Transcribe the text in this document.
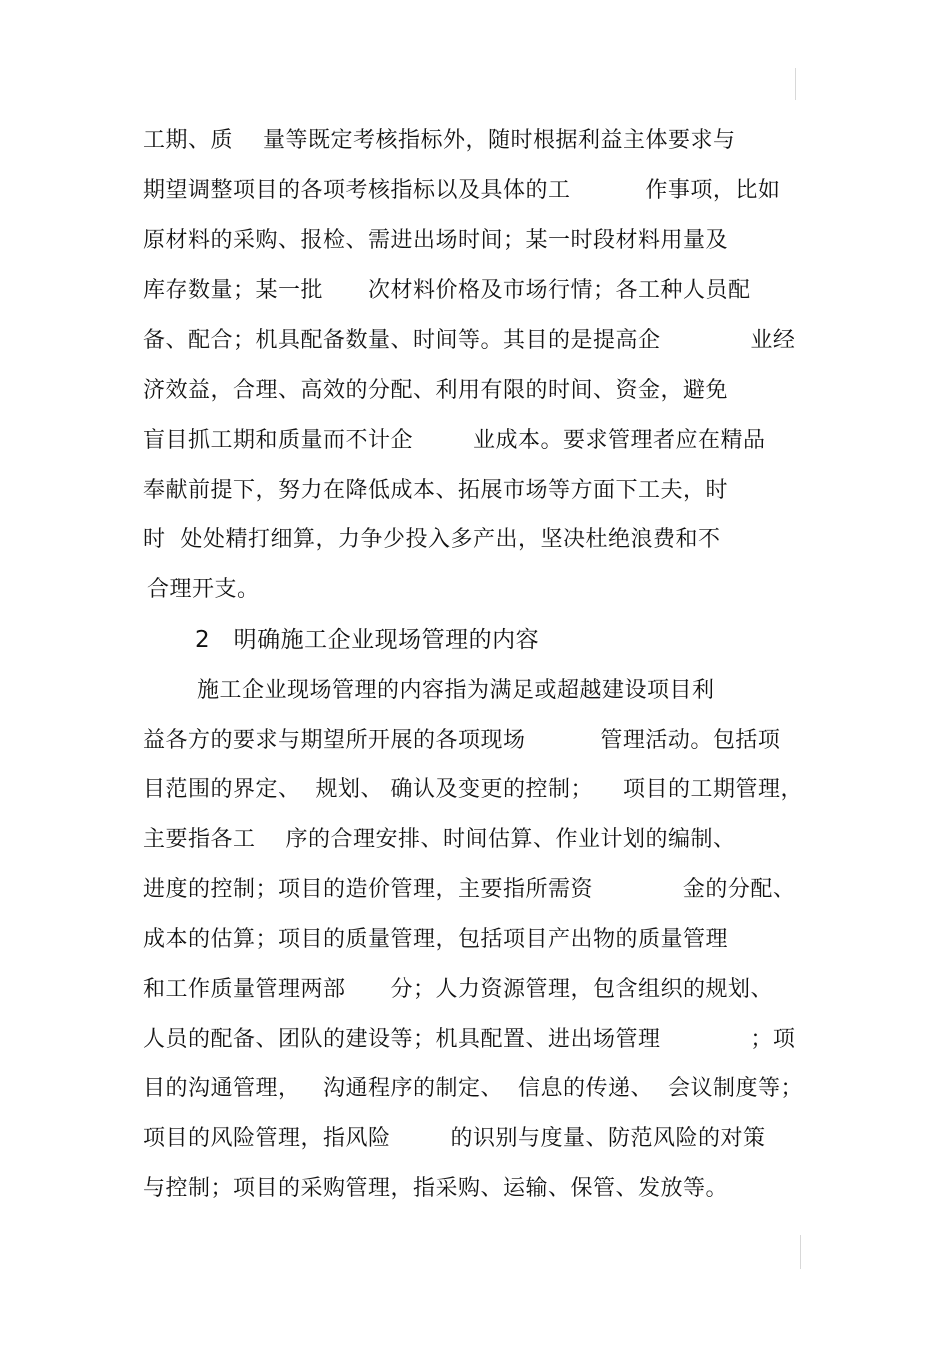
工期、质    量等既定考核指标外，随时根据利益主体要求与
期望调整项目的各项考核指标以及具体的工          作事项，比如
原材料的采购、报检、需进出场时间；某一时段材料用量及
库存数量；某一批      次材料价格及市场行情；各工种人员配
备、配合；机具配备数量、时间等。其目的是提高企            业经
济效益，合理、高效的分配、利用有限的时间、资金，避免
盲目抓工期和质量而不计企        业成本。要求管理者应在精品
奉献前提下，努力在降低成本、拓展市场等方面下工夫，时
时  处处精打细算，力争少投入多产出，坚决杜绝浪费和不
合理开支。
2   明确施工企业现场管理的内容
施工企业现场管理的内容指为满足或超越建设项目利
益各方的要求与期望所开展的各项现场          管理活动。包括项
目范围的界定、  规划、 确认及变更的控制；    项目的工期管理，
主要指各工    序的合理安排、时间估算、作业计划的编制、
进度的控制；项目的造价管理，主要指所需资            金的分配、
成本的估算；项目的质量管理，包括项目产出物的质量管理
和工作质量管理两部      分；人力资源管理，包含组织的规划、
人员的配备、团队的建设等；机具配置、进出场管理            ；项
目的沟通管理，   沟通程序的制定、  信息的传递、  会议制度等；
项目的风险管理，指风险        的识别与度量、防范风险的对策
与控制；项目的采购管理，指采购、运输、保管、发放等。
